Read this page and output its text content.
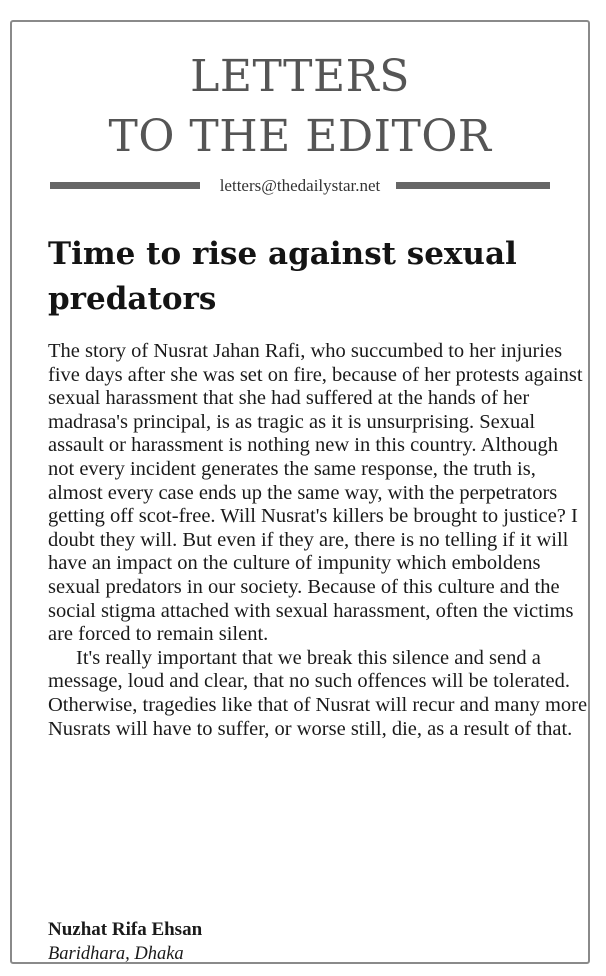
LETTERS
TO THE EDITOR
letters@thedailystar.net
Time to rise against sexual predators

The story of Nusrat Jahan Rafi, who succumbed to her injuries five days after she was set on fire, because of her protests against sexual harassment that she had suffered at the hands of her madrasa's principal, is as tragic as it is unsurprising. Sexual assault or harassment is nothing new in this country. Although not every incident generates the same response, the truth is, almost every case ends up the same way, with the perpetrators getting off scot-free. Will Nusrat's killers be brought to justice? I doubt they will. But even if they are, there is no telling if it will have an impact on the culture of impunity which emboldens sexual predators in our society. Because of this culture and the social stigma attached with sexual harassment, often the victims are forced to remain silent.

It's really important that we break this silence and send a message, loud and clear, that no such offences will be tolerated. Otherwise, tragedies like that of Nusrat will recur and many more Nusrats will have to suffer, or worse still, die, as a result of that.

Nuzhat Rifa Ehsan
Baridhara, Dhaka
